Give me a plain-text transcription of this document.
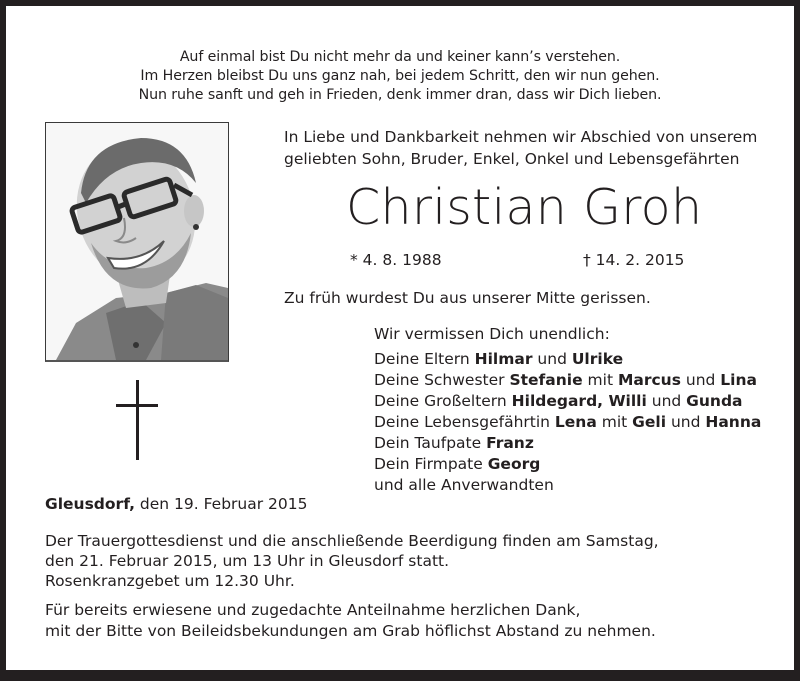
Auf einmal bist Du nicht mehr da und keiner kann’s verstehen.
Im Herzen bleibst Du uns ganz nah, bei jedem Schritt, den wir nun gehen.
Nun ruhe sanft und geh in Frieden, denk immer dran, dass wir Dich lieben.
In Liebe und Dankbarkeit nehmen wir Abschied von unserem
geliebten Sohn, Bruder, Enkel, Onkel und Lebensgefährten
Christian Groh
* 4. 8. 1988	† 14. 2. 2015
Zu früh wurdest Du aus unserer Mitte gerissen.
Wir vermissen Dich unendlich:
Deine Eltern Hilmar und Ulrike
Deine Schwester Stefanie mit Marcus und Lina
Deine Großeltern Hildegard, Willi und Gunda
Deine Lebensgefährtin Lena mit Geli und Hanna
Dein Taufpate Franz
Dein Firmpate Georg
und alle Anverwandten
Gleusdorf, den 19. Februar 2015
Der Trauergottesdienst und die anschließende Beerdigung finden am Samstag,
den 21. Februar 2015, um 13 Uhr in Gleusdorf statt.
Rosenkranzgebet um 12.30 Uhr.
Für bereits erwiesene und zugedachte Anteilnahme herzlichen Dank,
mit der Bitte von Beileidsbekundungen am Grab höflichst Abstand zu nehmen.
